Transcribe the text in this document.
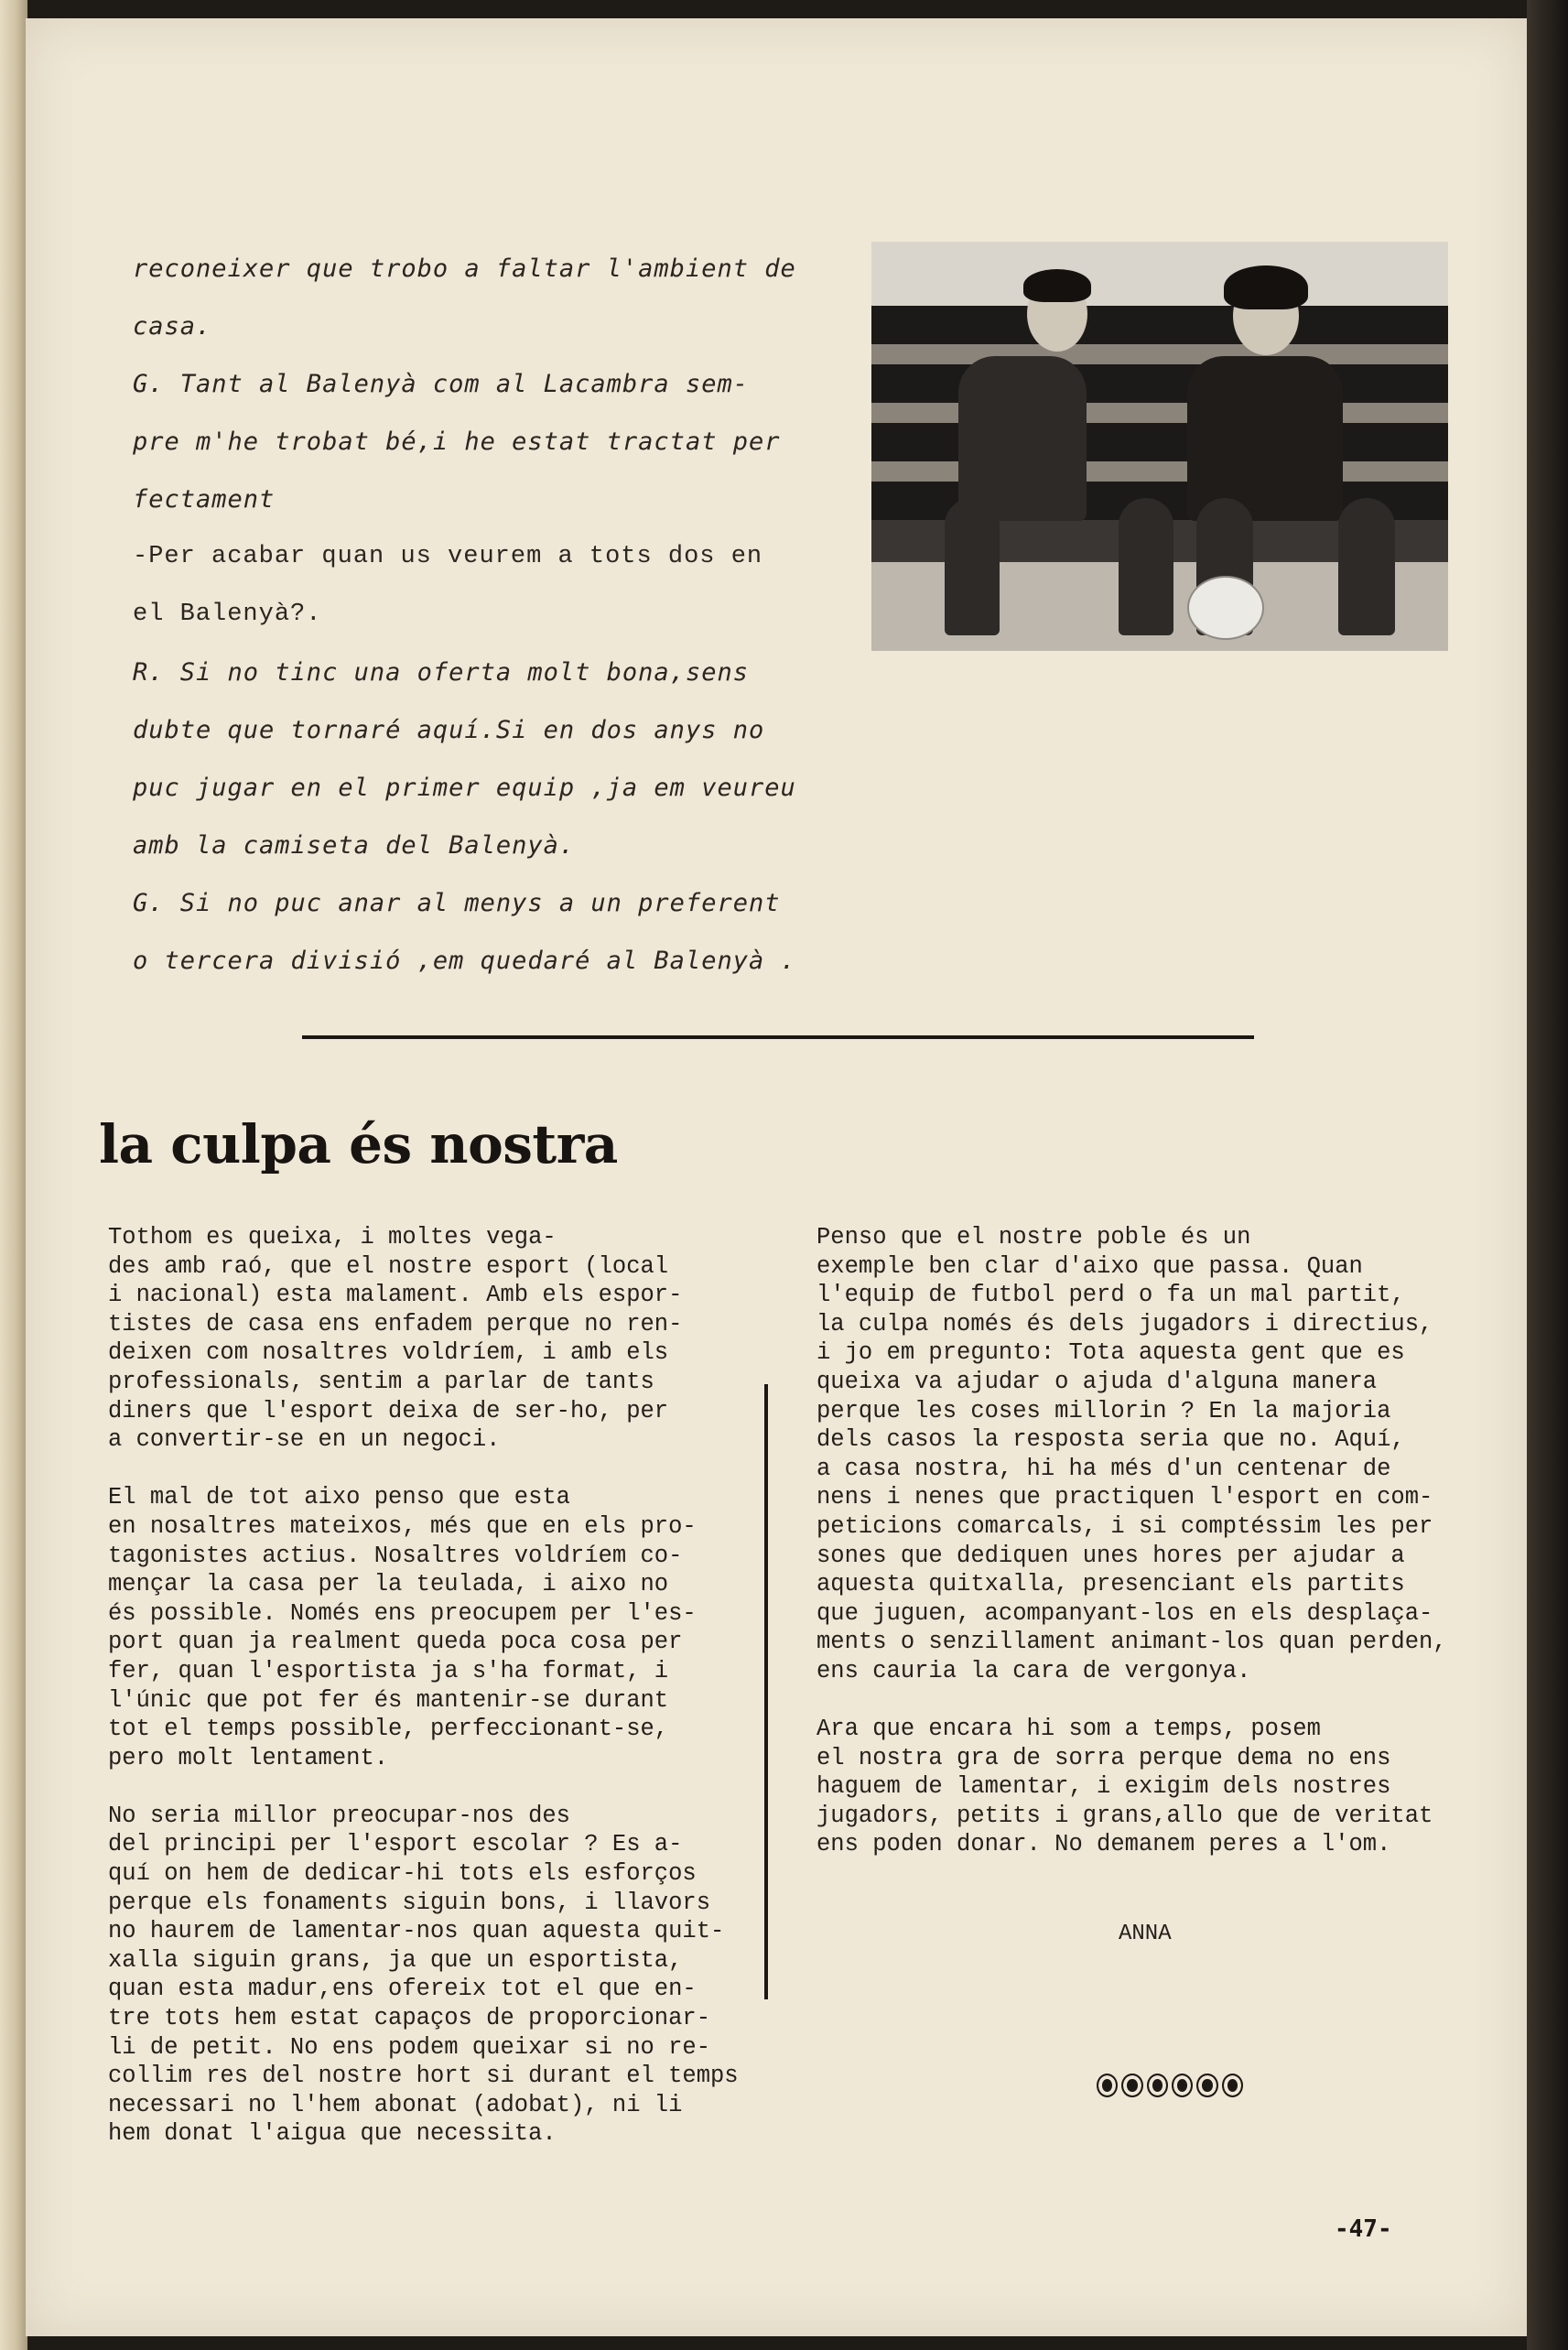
reconeixer que trobo a faltar l'ambient de

casa.

G. Tant al Balenyà com al Lacambra sem-

pre m'he trobat bé,i he estat tractat per

fectament

-Per acabar quan us veurem a tots dos en

el Balenyà?.

R. Si no tinc una oferta molt bona,sens

dubte que tornaré aquí.Si en dos anys no

puc jugar en el primer equip ,ja em veureu

amb la camiseta del Balenyà.

G. Si no puc anar al menys a un preferent

o tercera divisió ,em quedaré al Balenyà .

la culpa és nostra

Tothom es queixa, i moltes vega-

des amb raó, que el nostre esport (local

i nacional) esta malament. Amb els espor-

tistes de casa ens enfadem perque no ren-

deixen com nosaltres voldríem, i amb els

professionals, sentim a parlar de tants

diners que l'esport deixa de ser-ho, per

a convertir-se en un negoci.

El mal de tot aixo penso que esta

en nosaltres mateixos, més que en els pro-

tagonistes actius. Nosaltres voldríem co-

mençar la casa per la teulada, i aixo no

és possible. Només ens preocupem per l'es-

port quan ja realment queda poca cosa per

fer, quan l'esportista ja s'ha format, i

l'únic que pot fer és mantenir-se durant

tot el temps possible, perfeccionant-se,

pero molt lentament.

No seria millor preocupar-nos des

del principi per l'esport escolar ? Es a-

quí on hem de dedicar-hi tots els esforços

perque els fonaments siguin bons, i llavors

no haurem de lamentar-nos quan aquesta quit-

xalla siguin grans, ja que un esportista,

quan esta madur,ens ofereix tot el que en-

tre tots hem estat capaços de proporcionar-

li de petit. No ens podem queixar si no re-

collim res del nostre hort si durant el temps

necessari no l'hem abonat (adobat), ni li

hem donat l'aigua que necessita.

Penso que el nostre poble és un

exemple ben clar d'aixo que passa. Quan

l'equip de futbol perd o fa un mal partit,

la culpa només és dels jugadors i directius,

i jo em pregunto: Tota aquesta gent que es

queixa va ajudar o ajuda d'alguna manera

perque les coses millorin ? En la majoria

dels casos la resposta seria que no. Aquí,

a casa nostra, hi ha més d'un centenar de

nens i nenes que practiquen l'esport en com-

peticions comarcals, i si comptéssim les per

sones que dediquen unes hores per ajudar a

aquesta quitxalla, presenciant els partits

que juguen, acompanyant-los en els desplaça-

ments o senzillament animant-los quan perden,

ens cauria la cara de vergonya.

Ara que encara hi som a temps, posem

el nostra gra de sorra perque dema no ens

haguem de lamentar, i exigim dels nostres

jugadors, petits i grans,allo que de veritat

ens poden donar. No demanem peres a l'om.

ANNA
-47-
